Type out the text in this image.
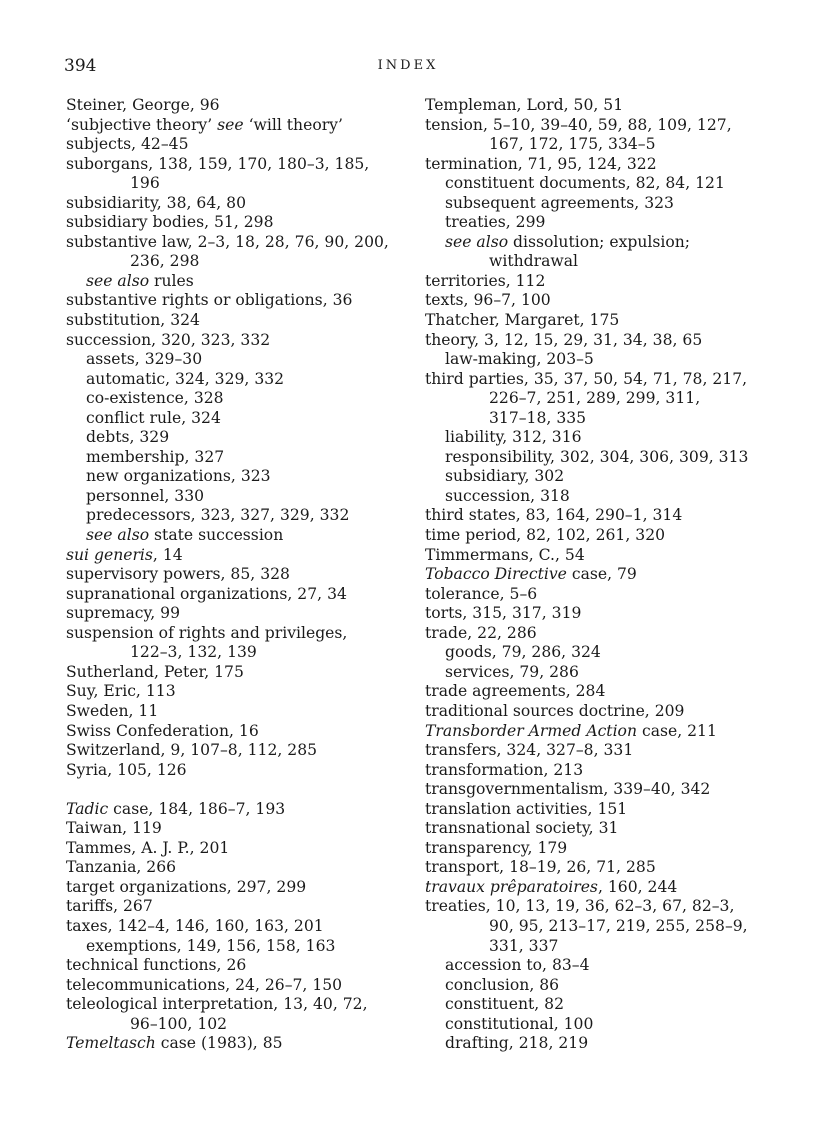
394	INDEX
Steiner, George, 96
‘subjective theory’ see ‘will theory’
subjects, 42–45
suborgans, 138, 159, 170, 180–3, 185,
196
subsidiarity, 38, 64, 80
subsidiary bodies, 51, 298
substantive law, 2–3, 18, 28, 76, 90, 200,
236, 298
see also rules
substantive rights or obligations, 36
substitution, 324
succession, 320, 323, 332
assets, 329–30
automatic, 324, 329, 332
co-existence, 328
conflict rule, 324
debts, 329
membership, 327
new organizations, 323
personnel, 330
predecessors, 323, 327, 329, 332
see also state succession
sui generis, 14
supervisory powers, 85, 328
supranational organizations, 27, 34
supremacy, 99
suspension of rights and privileges,
122–3, 132, 139
Sutherland, Peter, 175
Suy, Eric, 113
Sweden, 11
Swiss Confederation, 16
Switzerland, 9, 107–8, 112, 285
Syria, 105, 126
Tadic case, 184, 186–7, 193
Taiwan, 119
Tammes, A. J. P., 201
Tanzania, 266
target organizations, 297, 299
tariffs, 267
taxes, 142–4, 146, 160, 163, 201
exemptions, 149, 156, 158, 163
technical functions, 26
telecommunications, 24, 26–7, 150
teleological interpretation, 13, 40, 72,
96–100, 102
Temeltasch case (1983), 85
Templeman, Lord, 50, 51
tension, 5–10, 39–40, 59, 88, 109, 127,
167, 172, 175, 334–5
termination, 71, 95, 124, 322
constituent documents, 82, 84, 121
subsequent agreements, 323
treaties, 299
see also dissolution; expulsion;
withdrawal
territories, 112
texts, 96–7, 100
Thatcher, Margaret, 175
theory, 3, 12, 15, 29, 31, 34, 38, 65
law-making, 203–5
third parties, 35, 37, 50, 54, 71, 78, 217,
226–7, 251, 289, 299, 311,
317–18, 335
liability, 312, 316
responsibility, 302, 304, 306, 309, 313
subsidiary, 302
succession, 318
third states, 83, 164, 290–1, 314
time period, 82, 102, 261, 320
Timmermans, C., 54
Tobacco Directive case, 79
tolerance, 5–6
torts, 315, 317, 319
trade, 22, 286
goods, 79, 286, 324
services, 79, 286
trade agreements, 284
traditional sources doctrine, 209
Transborder Armed Action case, 211
transfers, 324, 327–8, 331
transformation, 213
transgovernmentalism, 339–40, 342
translation activities, 151
transnational society, 31
transparency, 179
transport, 18–19, 26, 71, 285
travaux prêparatoires, 160, 244
treaties, 10, 13, 19, 36, 62–3, 67, 82–3,
90, 95, 213–17, 219, 255, 258–9,
331, 337
accession to, 83–4
conclusion, 86
constituent, 82
constitutional, 100
drafting, 218, 219
